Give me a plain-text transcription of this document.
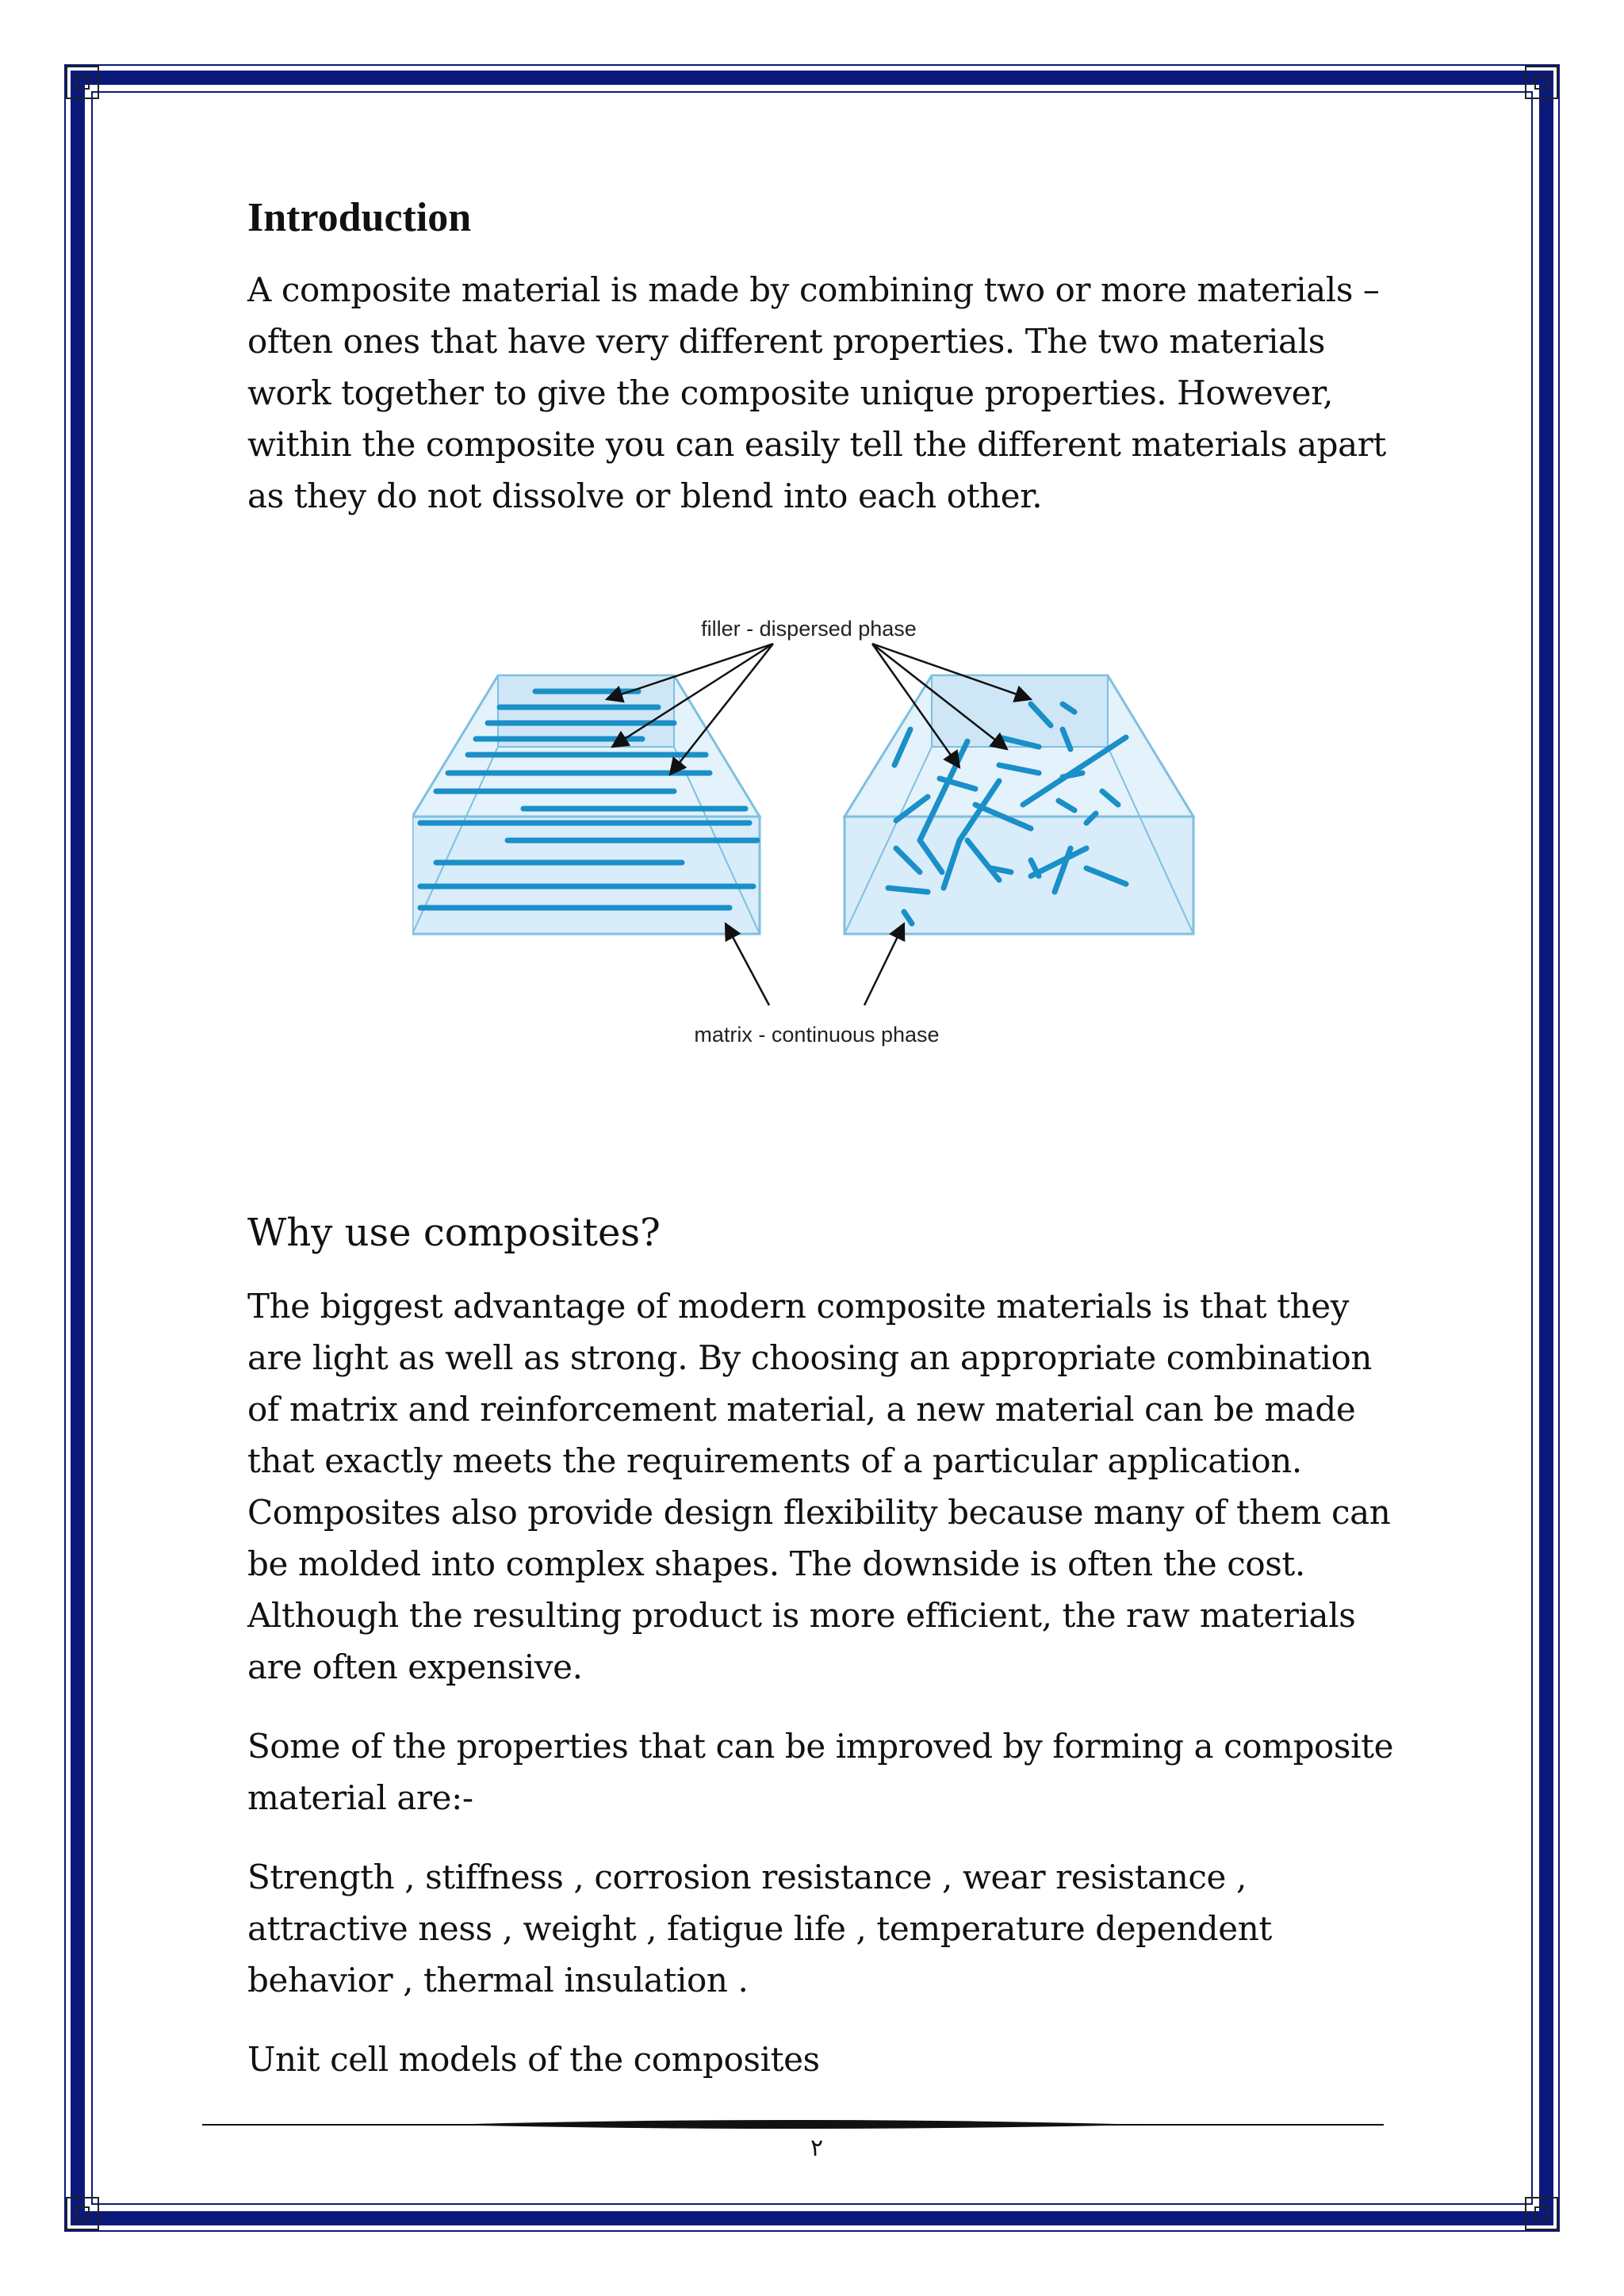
Introduction

A composite material is made by combining two or more materials – often ones that have very different properties. The two materials work together to give the composite unique properties. However, within the composite you can easily tell the different materials apart as they do not dissolve or blend into each other.

filler - dispersed phase
matrix - continuous phase
Why use composites?

The biggest advantage of modern composite materials is that they are light as well as strong. By choosing an appropriate combination of matrix and reinforcement material, a new material can be made that exactly meets the requirements of a particular application. Composites also provide design flexibility because many of them can be molded into complex shapes. The downside is often the cost. Although the resulting product is more efficient, the raw materials are often expensive.

Some of the properties that can be improved by forming a composite material are:-

Strength , stiffness , corrosion resistance , wear resistance , attractive ness , weight , fatigue life , temperature dependent behavior , thermal insulation .

Unit cell models of the composites

٢
